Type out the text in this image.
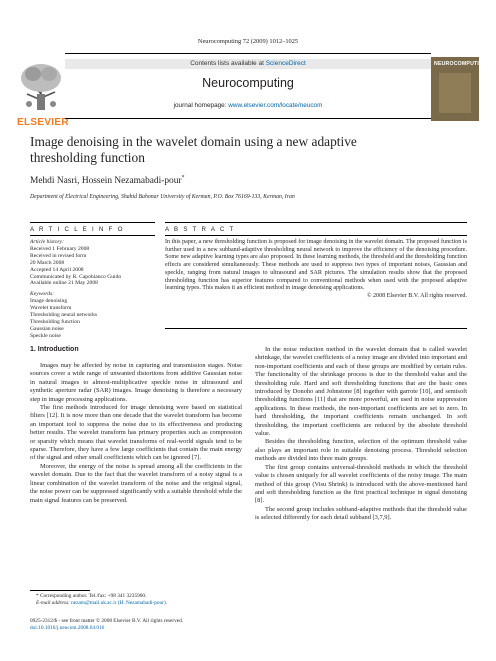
Neurocomputing 72 (2009) 1012–1025
ELSEVIER
Contents lists available at ScienceDirect
Neurocomputing
journal homepage: www.elsevier.com/locate/neucom
NEUROCOMPUTING
Image denoising in the wavelet domain using a new adaptive thresholding function
Mehdi Nasri, Hossein Nezamabadi-pour*
Department of Electrical Engineering, Shahid Bahonar University of Kerman, P.O. Box 76169-133, Kerman, Iran
A R T I C L E I N F O
Article history:
Received 1 February 2008
Received in revised form
20 March 2008
Accepted 14 April 2008
Communicated by R. Capobianco Guido
Available online 21 May 2008
Keywords:
Image denoising
Wavelet transform
Thresholding neural networks
Thresholding function
Gaussian noise
Speckle noise
A B S T R A C T
In this paper, a new thresholding function is proposed for image denoising in the wavelet domain. The proposed function is further used in a new subband-adaptive thresholding neural network to improve the efficiency of the denoising procedure. Some new adaptive learning types are also proposed. In these learning methods, the threshold and the thresholding function effects are considered simultaneously. These methods are used to suppress two types of important noises, Gaussian and speckle, ranging from natural images to ultrasound and SAR pictures. The simulation results show that the proposed thresholding function has superior features compared to conventional methods when used with the proposed adaptive learning types. This makes it an efficient method in image denoising applications.
© 2008 Elsevier B.V. All rights reserved.
1. Introduction

Images may be affected by noise in capturing and transmission stages. Noise sources cover a wide range of unwanted distortions from additive Gaussian noise in natural images to almost-multiplicative speckle noise in ultrasound and synthetic aperture radar (SAR) images. Image denoising is therefore a necessary step in image processing applications.

The first methods introduced for image denoising were based on statistical filters [12]. It is now more than one decade that the wavelet transform has become an important tool to suppress the noise due to its effectiveness and producing better results. The wavelet transform has primary properties such as compression or sparsity which means that wavelet transforms of real-world signals tend to be sparse. Therefore, they have a few large coefficients that contain the main energy of the signal and other small coefficients which can be ignored [7].

Moreover, the energy of the noise is spread among all the coefficients in the wavelet domain. Due to the fact that the wavelet transform of a noisy signal is a linear combination of the wavelet transform of the noise and the original signal, the noise power can be suppressed significantly with a suitable threshold while the main signal features can be preserved.

In the noise reduction method in the wavelet domain that is called wavelet shrinkage, the wavelet coefficients of a noisy image are divided into important and non-important coefficients and each of these groups are modified by certain rules. The functionality of the shrinkage process is due to the threshold value and the thresholding rule. Hard and soft thresholding functions that are the basic ones introduced by Donoho and Johnstone [8] together with garrote [10], and semisoft thresholding functions [11] that are more powerful, are used in noise suppression applications. In these methods, the non-important coefficients are set to zero. In hard thresholding, the important coefficients remain unchanged. In soft thresholding, the important coefficients are reduced by the absolute threshold value.

Besides the thresholding function, selection of the optimum threshold value also plays an important role in suitable denoising process. Threshold selection methods are divided into three main groups.

The first group contains universal-threshold methods in which the threshold value is chosen uniquely for all wavelet coefficients of the noisy image. The main method of this group (Visu Shrink) is introduced with the above-mentioned hard and soft thresholding function as the first practical technique in signal denoising [8].

The second group includes subband-adaptive methods that the threshold value is selected differently for each detail subband [3,7,9].

* Corresponding author. Tel./fax: +98 341 3235900.
E-mail address: nezam@mail.uk.ac.ir (H. Nezamabadi-pour).
0925-2312/$ - see front matter © 2008 Elsevier B.V. All rights reserved.
doi:10.1016/j.neucom.2008.04.016
